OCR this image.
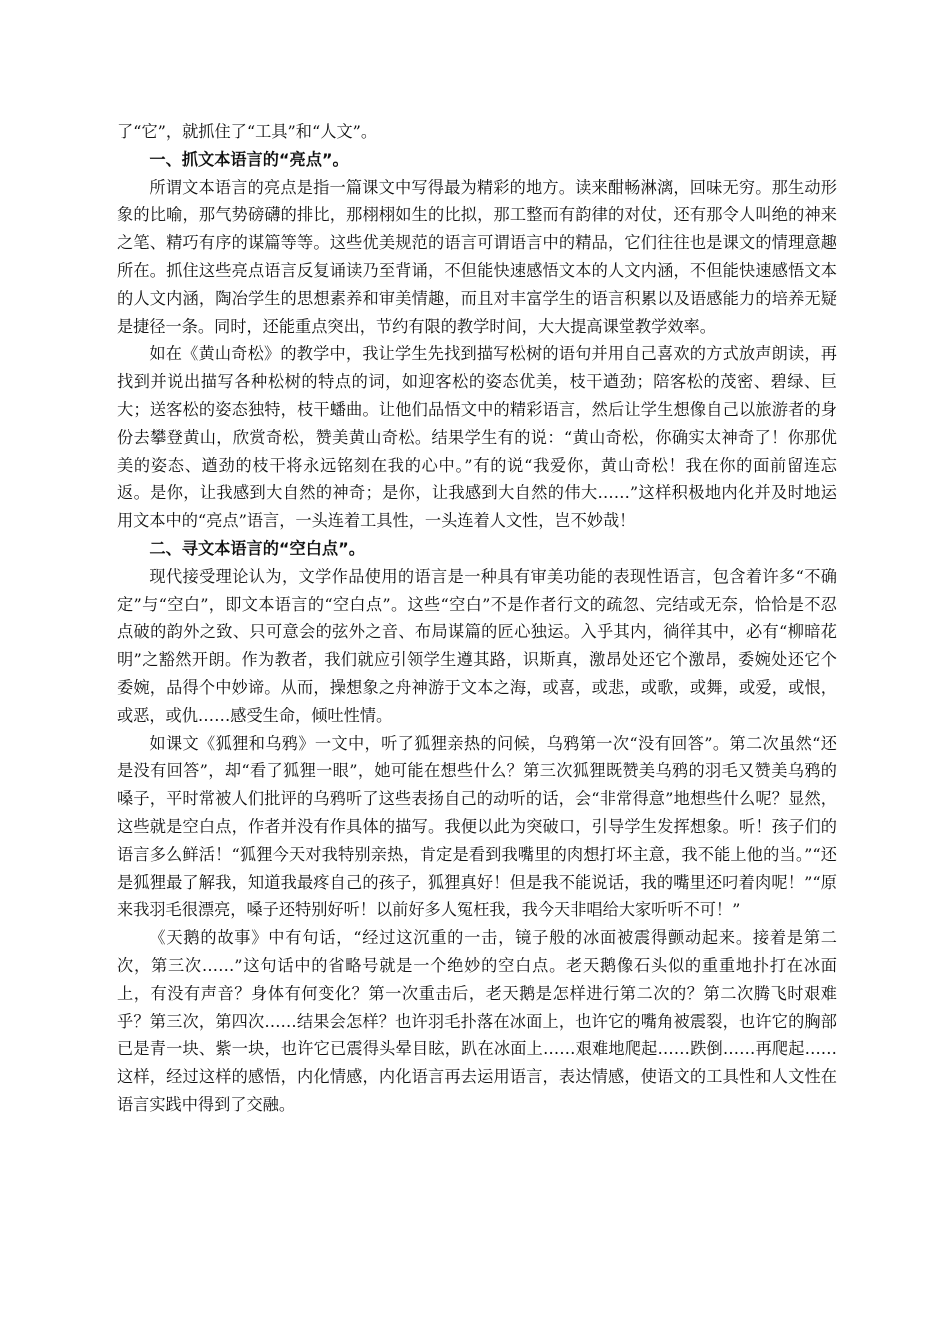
了“它”，就抓住了“工具”和“人文”。

一、抓文本语言的“亮点”。

所谓文本语言的亮点是指一篇课文中写得最为精彩的地方。读来酣畅淋漓，回味无穷。那生动形象的比喻，那气势磅礴的排比，那栩栩如生的比拟，那工整而有韵律的对仗，还有那令人叫绝的神来之笔、精巧有序的谋篇等等。这些优美规范的语言可谓语言中的精品，它们往往也是课文的情理意趣所在。抓住这些亮点语言反复诵读乃至背诵，不但能快速感悟文本的人文内涵，不但能快速感悟文本的人文内涵，陶冶学生的思想素养和审美情趣，而且对丰富学生的语言积累以及语感能力的培养无疑是捷径一条。同时，还能重点突出，节约有限的教学时间，大大提高课堂教学效率。

如在《黄山奇松》的教学中，我让学生先找到描写松树的语句并用自己喜欢的方式放声朗读，再找到并说出描写各种松树的特点的词，如迎客松的姿态优美，枝干遒劲；陪客松的茂密、碧绿、巨大；送客松的姿态独特，枝干蟠曲。让他们品悟文中的精彩语言，然后让学生想像自己以旅游者的身份去攀登黄山，欣赏奇松，赞美黄山奇松。结果学生有的说：“黄山奇松，你确实太神奇了！你那优美的姿态、遒劲的枝干将永远铭刻在我的心中。”有的说“我爱你，黄山奇松！我在你的面前留连忘返。是你，让我感到大自然的神奇；是你，让我感到大自然的伟大……”这样积极地内化并及时地运用文本中的“亮点”语言，一头连着工具性，一头连着人文性，岂不妙哉！

二、寻文本语言的“空白点”。

现代接受理论认为，文学作品使用的语言是一种具有审美功能的表现性语言，包含着许多“不确定”与“空白”，即文本语言的“空白点”。这些“空白”不是作者行文的疏忽、完结或无奈，恰恰是不忍点破的韵外之致、只可意会的弦外之音、布局谋篇的匠心独运。入乎其内，徜徉其中，必有“柳暗花明”之豁然开朗。作为教者，我们就应引领学生遵其路，识斯真，激昂处还它个激昂，委婉处还它个委婉，品得个中妙谛。从而，操想象之舟神游于文本之海，或喜，或悲，或歌，或舞，或爱，或恨，或恶，或仇……感受生命，倾吐性情。

如课文《狐狸和乌鸦》一文中，听了狐狸亲热的问候，乌鸦第一次“没有回答”。第二次虽然“还是没有回答”，却“看了狐狸一眼”，她可能在想些什么？第三次狐狸既赞美乌鸦的羽毛又赞美乌鸦的嗓子，平时常被人们批评的乌鸦听了这些表扬自己的动听的话，会“非常得意”地想些什么呢？显然，这些就是空白点，作者并没有作具体的描写。我便以此为突破口，引导学生发挥想象。听！孩子们的语言多么鲜活！“狐狸今天对我特别亲热，肯定是看到我嘴里的肉想打坏主意，我不能上他的当。”“还是狐狸最了解我，知道我最疼自己的孩子，狐狸真好！但是我不能说话，我的嘴里还叼着肉呢！”“原来我羽毛很漂亮，嗓子还特别好听！以前好多人冤枉我，我今天非唱给大家听听不可！”

《天鹅的故事》中有句话，“经过这沉重的一击，镜子般的冰面被震得颤动起来。接着是第二次，第三次……”这句话中的省略号就是一个绝妙的空白点。老天鹅像石头似的重重地扑打在冰面上，有没有声音？身体有何变化？第一次重击后，老天鹅是怎样进行第二次的？第二次腾飞时艰难乎？第三次，第四次……结果会怎样？也许羽毛扑落在冰面上，也许它的嘴角被震裂，也许它的胸部已是青一块、紫一块，也许它已震得头晕目眩，趴在冰面上……艰难地爬起……跌倒……再爬起……这样，经过这样的感悟，内化情感，内化语言再去运用语言，表达情感，使语文的工具性和人文性在语言实践中得到了交融。
